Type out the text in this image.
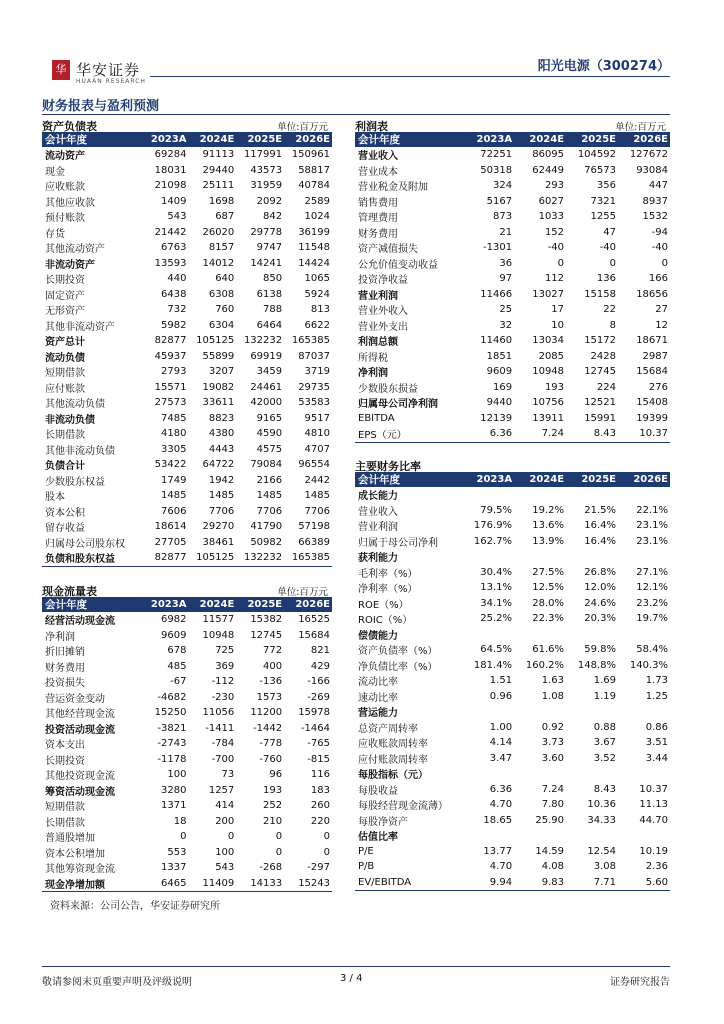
华安
华安证券
HUAAN RESEARCH
阳光电源（300274）
财务报表与盈利预测
资产负债表	单位:百万元
会计年度	2023A	2024E	2025E	2026E
流动资产	69284	91113	117991	150961
现金	18031	29440	43573	58817
应收账款	21098	25111	31959	40784
其他应收款	1409	1698	2092	2589
预付账款	543	687	842	1024
存货	21442	26020	29778	36199
其他流动资产	6763	8157	9747	11548
非流动资产	13593	14012	14241	14424
长期投资	440	640	850	1065
固定资产	6438	6308	6138	5924
无形资产	732	760	788	813
其他非流动资产	5982	6304	6464	6622
资产总计	82877	105125	132232	165385
流动负债	45937	55899	69919	87037
短期借款	2793	3207	3459	3719
应付账款	15571	19082	24461	29735
其他流动负债	27573	33611	42000	53583
非流动负债	7485	8823	9165	9517
长期借款	4180	4380	4590	4810
其他非流动负债	3305	4443	4575	4707
负债合计	53422	64722	79084	96554
少数股东权益	1749	1942	2166	2442
股本	1485	1485	1485	1485
资本公积	7606	7706	7706	7706
留存收益	18614	29270	41790	57198
归属母公司股东权	27705	38461	50982	66389
负债和股东权益	82877	105125	132232	165385
现金流量表	单位:百万元
会计年度	2023A	2024E	2025E	2026E
经营活动现金流	6982	11577	15382	16525
净利润	9609	10948	12745	15684
折旧摊销	678	725	772	821
财务费用	485	369	400	429
投资损失	-67	-112	-136	-166
营运资金变动	-4682	-230	1573	-269
其他经营现金流	15250	11056	11200	15978
投资活动现金流	-3821	-1411	-1442	-1464
资本支出	-2743	-784	-778	-765
长期投资	-1178	-700	-760	-815
其他投资现金流	100	73	96	116
筹资活动现金流	3280	1257	193	183
短期借款	1371	414	252	260
长期借款	18	200	210	220
普通股增加	0	0	0	0
资本公积增加	553	100	0	0
其他筹资现金流	1337	543	-268	-297
现金净增加额	6465	11409	14133	15243
利润表	单位:百万元
会计年度	2023A	2024E	2025E	2026E
营业收入	72251	86095	104592	127672
营业成本	50318	62449	76573	93084
营业税金及附加	324	293	356	447
销售费用	5167	6027	7321	8937
管理费用	873	1033	1255	1532
财务费用	21	152	47	-94
资产减值损失	-1301	-40	-40	-40
公允价值变动收益	36	0	0	0
投资净收益	97	112	136	166
营业利润	11466	13027	15158	18656
营业外收入	25	17	22	27
营业外支出	32	10	8	12
利润总额	11460	13034	15172	18671
所得税	1851	2085	2428	2987
净利润	9609	10948	12745	15684
少数股东损益	169	193	224	276
归属母公司净利润	9440	10756	12521	15408
EBITDA	12139	13911	15991	19399
EPS（元）	6.36	7.24	8.43	10.37
主要财务比率
会计年度	2023A	2024E	2025E	2026E
成长能力				
营业收入	79.5%	19.2%	21.5%	22.1%
营业利润	176.9%	13.6%	16.4%	23.1%
归属于母公司净利	162.7%	13.9%	16.4%	23.1%
获利能力				
毛利率（%）	30.4%	27.5%	26.8%	27.1%
净利率（%）	13.1%	12.5%	12.0%	12.1%
ROE（%）	34.1%	28.0%	24.6%	23.2%
ROIC（%）	25.2%	22.3%	20.3%	19.7%
偿债能力				
资产负债率（%）	64.5%	61.6%	59.8%	58.4%
净负债比率（%）	181.4%	160.2%	148.8%	140.3%
流动比率	1.51	1.63	1.69	1.73
速动比率	0.96	1.08	1.19	1.25
营运能力				
总资产周转率	1.00	0.92	0.88	0.86
应收账款周转率	4.14	3.73	3.67	3.51
应付账款周转率	3.47	3.60	3.52	3.44
每股指标（元）				
每股收益	6.36	7.24	8.43	10.37
每股经营现金流薄）	4.70	7.80	10.36	11.13
每股净资产	18.65	25.90	34.33	44.70
估值比率				
P/E	13.77	14.59	12.54	10.19
P/B	4.70	4.08	3.08	2.36
EV/EBITDA	9.94	9.83	7.71	5.60
资料来源：公司公告，华安证券研究所
敬请参阅末页重要声明及评级说明	3 / 4	证券研究报告
